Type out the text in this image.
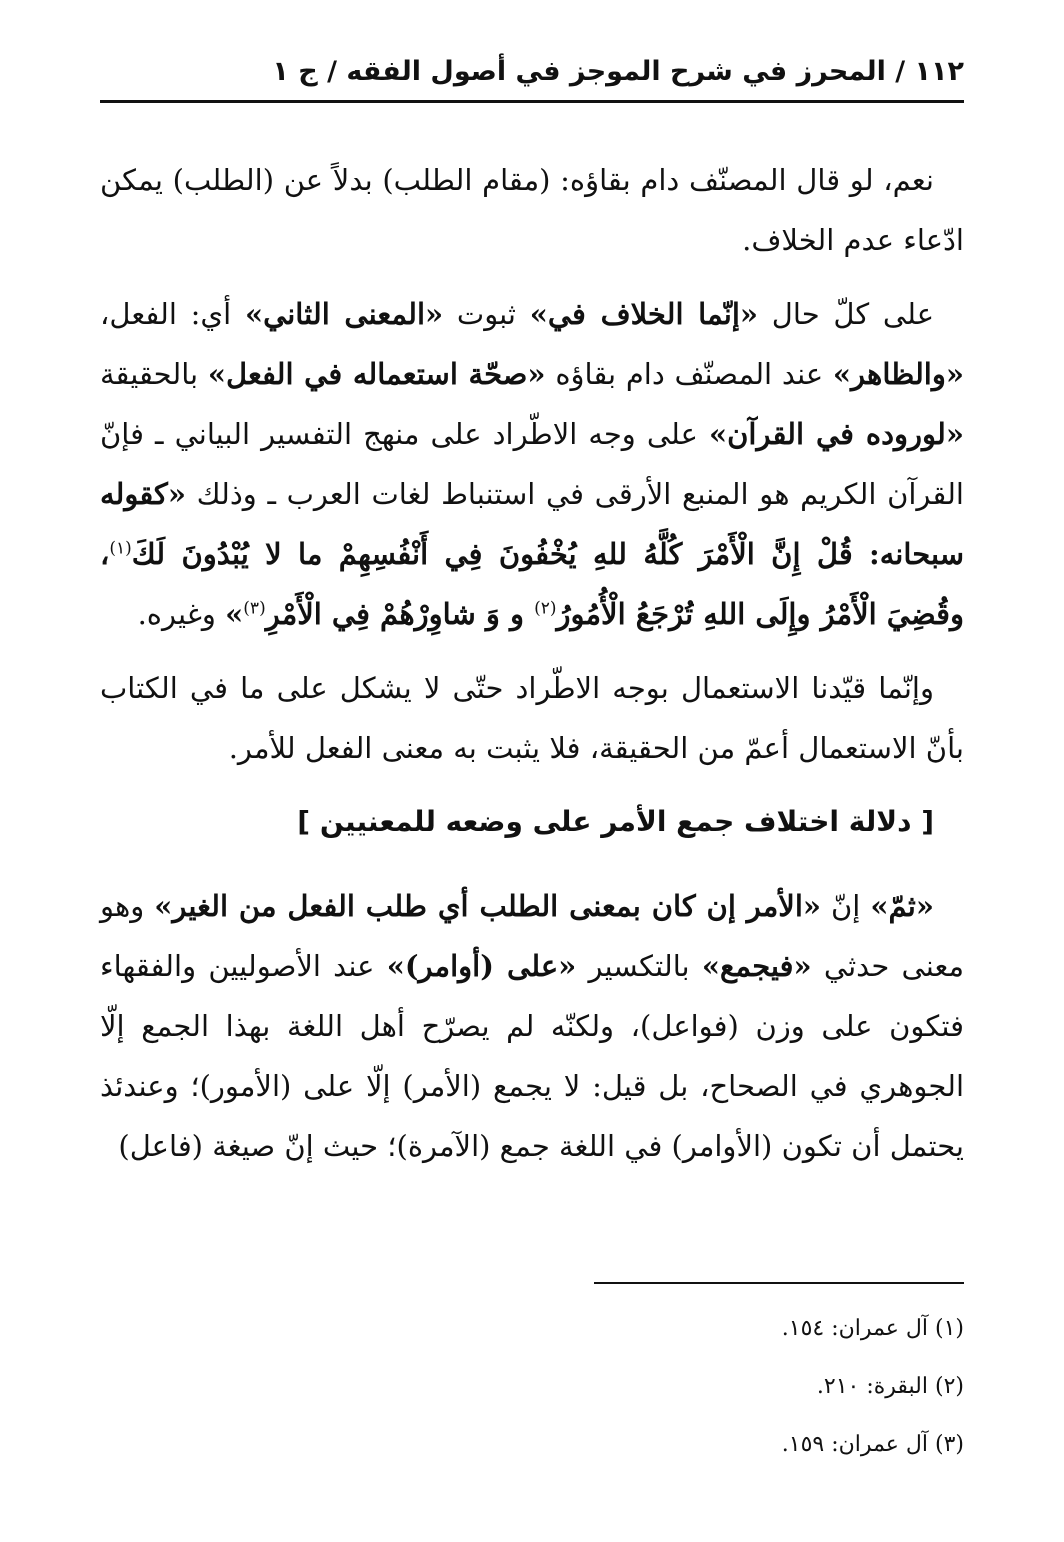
١١٢ / المحرز في شرح الموجز في أصول الفقه / ج ١

نعم، لو قال المصنّف دام بقاؤه: (مقام الطلب) بدلاً عن (الطلب) يمكن ادّعاء عدم الخلاف.

على كلّ حال «إنّما الخلاف في» ثبوت «المعنى الثاني» أي: الفعل، «والظاهر» عند المصنّف دام بقاؤه «صحّة استعماله في الفعل» بالحقيقة «لوروده في القرآن» على وجه الاطّراد على منهج التفسير البياني ـ فإنّ القرآن الكريم هو المنبع الأرقى في استنباط لغات العرب ـ وذلك «كقوله سبحانه: قُلْ إِنَّ الْأَمْرَ كُلَّهُ للهِ يُخْفُونَ فِي أَنْفُسِهِمْ ما لا يُبْدُونَ لَكَ$^{(١)}$، وقُضِيَ الْأَمْرُ وإِلَى اللهِ تُرْجَعُ الْأُمُورُ$^{(٢)}$ و وَ شاوِرْهُمْ فِي الْأَمْرِ$^{(٣)}$» وغيره.

وإنّما قيّدنا الاستعمال بوجه الاطّراد حتّى لا يشكل على ما في الكتاب بأنّ الاستعمال أعمّ من الحقيقة، فلا يثبت به معنى الفعل للأمر.

[ دلالة اختلاف جمع الأمر على وضعه للمعنيين ]

«ثمّ» إنّ «الأمر إن كان بمعنى الطلب أي طلب الفعل من الغير» وهو معنى حدثي «فيجمع» بالتكسير «على (أوامر)» عند الأصوليين والفقهاء فتكون على وزن (فواعل)، ولكنّه لم يصرّح أهل اللغة بهذا الجمع إلّا الجوهري في الصحاح، بل قيل: لا يجمع (الأمر) إلّا على (الأمور)؛ وعندئذ يحتمل أن تكون (الأوامر) في اللغة جمع (الآمرة)؛ حيث إنّ صيغة (فاعل)

(١) آل عمران: ١٥٤.

(٢) البقرة: ٢١٠.

(٣) آل عمران: ١٥٩.
